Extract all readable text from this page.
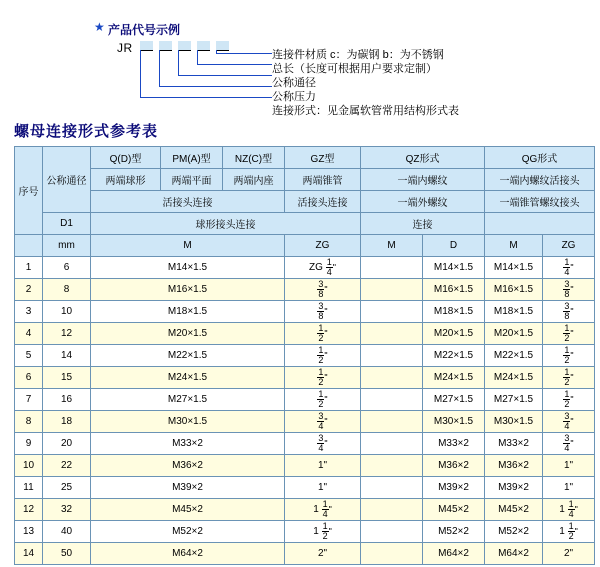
★ 产品代号示例
JR	连接件材质 c：为碳钢 b：为不锈钢
总长（长度可根据用户要求定制）
公称通径
公称压力
连接形式：见金属软管常用结构形式表
螺母连接形式参考表
序号	公称通径	Q(D)型	PM(A)型	NZ(C)型	GZ型	QZ形式		QG形式	
		两端球形	两端平面	两端内座	两端锥管	一端内螺纹		一端内螺纹活接头	
		活接头连接			活接头连接	一端外螺纹		一端锥管螺纹接头	
	D1	球形接头连接				连接			
	mm	M			ZG	M	D	M	ZG
1	6	M14×1.5			ZG $\frac{1}{4}$ "		M14×1.5	M14×1.5	$\frac{1}{4}$ "
2	8	M16×1.5			$\frac{3}{8}$ "		M16×1.5	M16×1.5	$\frac{3}{8}$ "
3	10	M18×1.5			$\frac{3}{8}$ "		M18×1.5	M18×1.5	$\frac{3}{8}$ "
4	12	M20×1.5			$\frac{1}{2}$ "		M20×1.5	M20×1.5	$\frac{1}{2}$ "
5	14	M22×1.5			$\frac{1}{2}$ "		M22×1.5	M22×1.5	$\frac{1}{2}$ "
6	15	M24×1.5			$\frac{1}{2}$ "		M24×1.5	M24×1.5	$\frac{1}{2}$ "
7	16	M27×1.5			$\frac{1}{2}$ "		M27×1.5	M27×1.5	$\frac{1}{2}$ "
8	18	M30×1.5			$\frac{3}{4}$ "		M30×1.5	M30×1.5	$\frac{3}{4}$ "
9	20	M33×2			$\frac{3}{4}$ "		M33×2	M33×2	$\frac{3}{4}$ "
10	22	M36×2			1"		M36×2	M36×2	1"
11	25	M39×2			1"		M39×2	M39×2	1"
12	32	M45×2			$1 \frac{1}{4}$ "		M45×2	M45×2	$1 \frac{1}{4}$ "
13	40	M52×2			$1 \frac{1}{2}$ "		M52×2	M52×2	$1 \frac{1}{2}$ "
14	50	M64×2			2"		M64×2	M64×2	2"
